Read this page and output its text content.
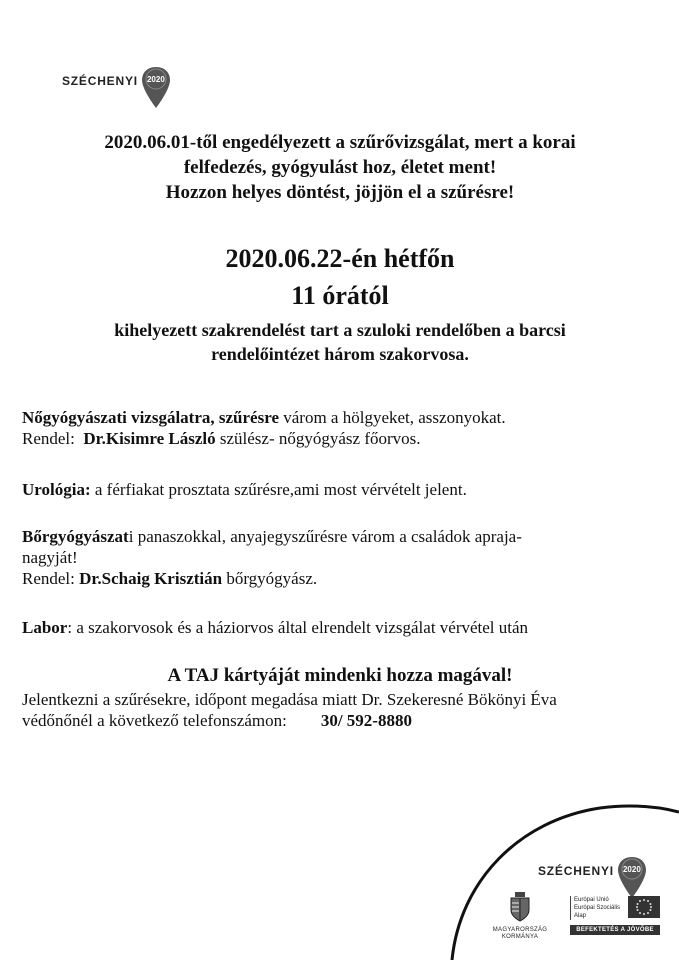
SZÉCHENYI	2020
2020.06.01-től engedélyezett a szűrővizsgálat, mert a korai
felfedezés, gyógyulást hoz, életet ment!
Hozzon helyes döntést, jöjjön el a szűrésre!
2020.06.22-én hétfőn
11 órától
kihelyezett szakrendelést tart a szuloki rendelőben a barcsi
rendelőintézet három szakorvosa.
Nőgyógyászati vizsgálatra, szűrésre várom a hölgyeket, asszonyokat.
Rendel:  Dr.Kisimre László szülész- nőgyógyász főorvos.
Urológia: a férfiakat prosztata szűrésre,ami most vérvételt jelent.
Bőrgyógyászati panaszokkal, anyajegyszűrésre várom a családok apraja-
nagyját!
Rendel: Dr.Schaig Krisztián bőrgyógyász.
Labor: a szakorvosok és a háziorvos által elrendelt vizsgálat vérvétel után
A TAJ kártyáját mindenki hozza magával!
Jelentkezni a szűrésekre, időpont megadása miatt Dr. Szekeresné Bökönyi Éva
védőnőnél a következő telefonszámon: 30/ 592-8880
SZÉCHENYI	2020
MAGYARORSZÁG
KORMÁNYA
Európai Unió
Európai Szociális
Alap
BEFEKTETÉS A JÖVŐBE
